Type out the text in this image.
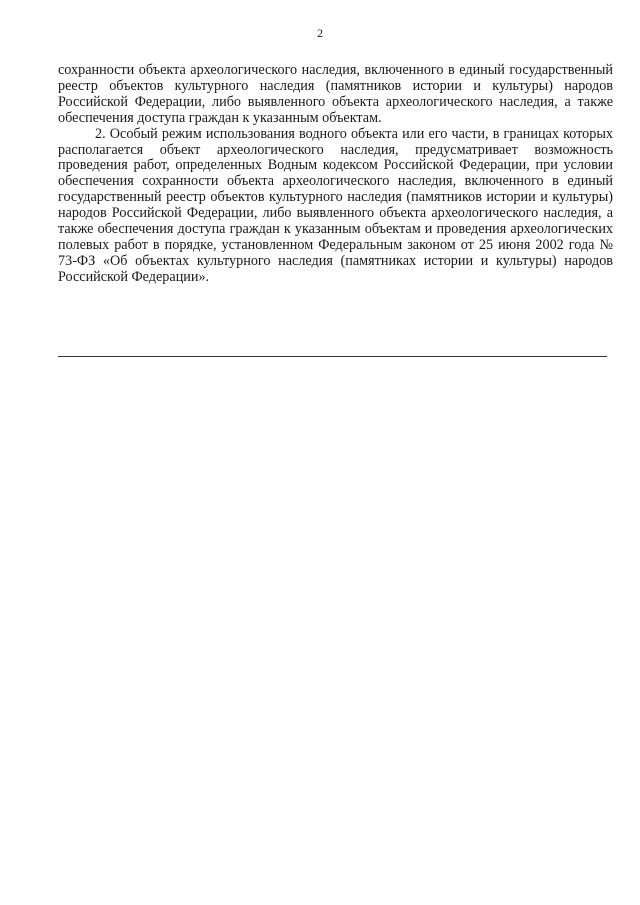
2

сохранности объекта археологического наследия, включенного в единый государственный реестр объектов культурного наследия (памятников истории и культуры) народов Российской Федерации, либо выявленного объекта археологического наследия, а также обеспечения доступа граждан к указанным объектам.

2. Особый режим использования водного объекта или его части, в границах которых располагается объект археологического наследия, предусматривает возможность проведения работ, определенных Водным кодексом Российской Федерации, при условии обеспечения сохранности объекта археологического наследия, включенного в единый государственный реестр объектов культурного наследия (памятников истории и культуры) народов Российской Федерации, либо выявленного объекта археологического наследия, а также обеспечения доступа граждан к указанным объектам и проведения археологических полевых работ в порядке, установленном Федеральным законом от 25 июня 2002 года № 73-ФЗ «Об объектах культурного наследия (памятниках истории и культуры) народов Российской Федерации».
